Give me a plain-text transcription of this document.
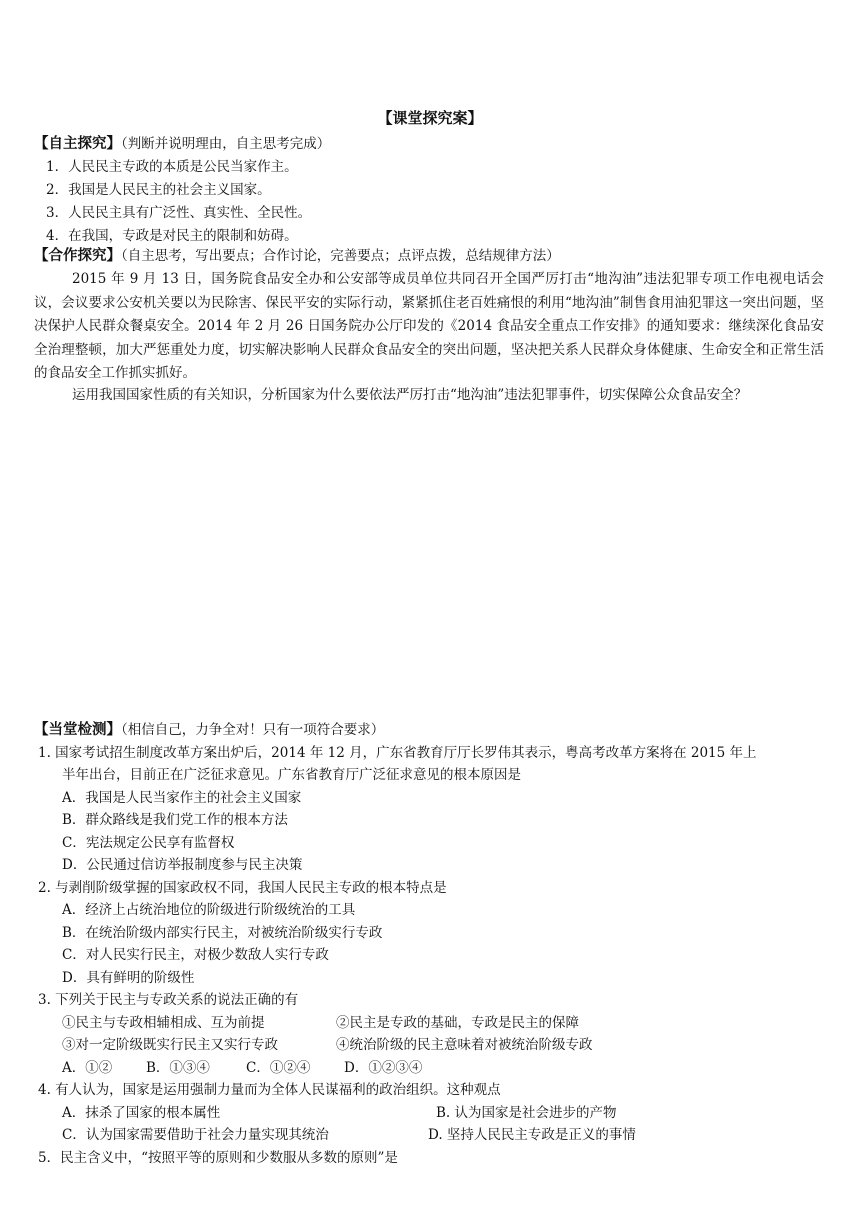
【课堂探究案】
【自主探究】（判断并说明理由，自主思考完成）
1．人民民主专政的本质是公民当家作主。
2．我国是人民民主的社会主义国家。
3．人民民主具有广泛性、真实性、全民性。
4．在我国，专政是对民主的限制和妨碍。
【合作探究】（自主思考，写出要点；合作讨论，完善要点；点评点拨，总结规律方法）
2015 年 9 月 13 日，国务院食品安全办和公安部等成员单位共同召开全国严厉打击“地沟油”违法犯罪专项工作电视电话会议，会议要求公安机关要以为民除害、保民平安的实际行动，紧紧抓住老百姓痛恨的利用“地沟油”制售食用油犯罪这一突出问题，坚决保护人民群众餐桌安全。2014 年 2 月 26 日国务院办公厅印发的《2014 食品安全重点工作安排》的通知要求：继续深化食品安全治理整顿，加大严惩重处力度，切实解决影响人民群众食品安全的突出问题，坚决把关系人民群众身体健康、生命安全和正常生活的食品安全工作抓实抓好。
运用我国国家性质的有关知识，分析国家为什么要依法严厉打击“地沟油”违法犯罪事件，切实保障公众食品安全？
【当堂检测】（相信自己，力争全对！只有一项符合要求）
1. 国家考试招生制度改革方案出炉后，2014 年 12 月，广东省教育厅厅长罗伟其表示，粤高考改革方案将在 2015 年上
半年出台，目前正在广泛征求意见。广东省教育厅广泛征求意见的根本原因是
A．我国是人民当家作主的社会主义国家
B．群众路线是我们党工作的根本方法
C．宪法规定公民享有监督权
D．公民通过信访举报制度参与民主决策
2. 与剥削阶级掌握的国家政权不同，我国人民民主专政的根本特点是
A．经济上占统治地位的阶级进行阶级统治的工具
B．在统治阶级内部实行民主，对被统治阶级实行专政
C．对人民实行民主，对极少数敌人实行专政
D．具有鲜明的阶级性
3. 下列关于民主与专政关系的说法正确的有
①民主与专政相辅相成、互为前提	②民主是专政的基础，专政是民主的保障
③对一定阶级既实行民主又实行专政	④统治阶级的民主意味着对被统治阶级专政
A．①②	B．①③④	C．①②④ D．①②③④
4. 有人认为，国家是运用强制力量而为全体人民谋福利的政治组织。这种观点
A．抹杀了国家的根本属性	B. 认为国家是社会进步的产物
C．认为国家需要借助于社会力量实现其统治	D. 坚持人民民主专政是正义的事情
5．民主含义中，“按照平等的原则和少数服从多数的原则”是
